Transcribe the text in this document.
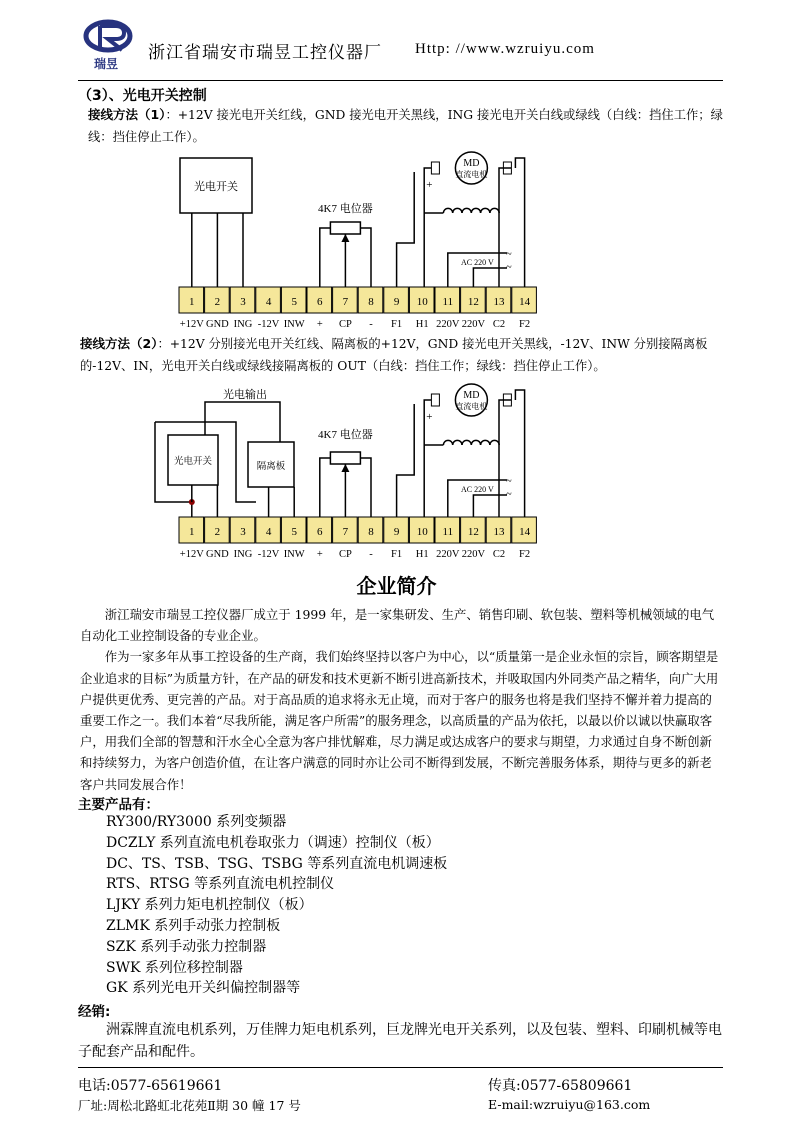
瑞昱
浙江省瑞安市瑞昱工控仪器厂 Http: //www.wzruiyu.com
（3）、光电开关控制
接线方法（1）：+12V 接光电开关红线，GND 接光电开关黑线，ING 接光电开关白线或绿线（白线：挡住工作；绿线：挡住停止工作）。
1 2 3 4 5 6 7 8 9 10 11 12 13 14
+12V GND ING -12V INW + CP - F1 H1 220V 220V C2 F2
光电开关
4K7 电位器
MD
直流电机
+
AC 220 V
~
~
接线方法（2）：+12V 分别接光电开关红线、隔离板的+12V，GND 接光电开关黑线，-12V、INW 分别接隔离板的-12V、IN，光电开关白线或绿线接隔离板的 OUT（白线：挡住工作；绿线：挡住停止工作）。
1 2 3 4 5 6 7 8 9 10 11 12 13 14
+12V GND ING -12V INW + CP - F1 H1 220V 220V C2 F2
光电开关	隔离板
光电输出
4K7 电位器
MD
直流电机
+
AC 220 V
~
~
企业简介

浙江瑞安市瑞昱工控仪器厂成立于 1999 年，是一家集研发、生产、销售印刷、软包装、塑料等机械领域的电气自动化工业控制设备的专业企业。

作为一家多年从事工控设备的生产商，我们始终坚持以客户为中心，以“质量第一是企业永恒的宗旨，顾客期望是企业追求的目标”为质量方针，在产品的研发和技术更新不断引进高新技术，并吸取国内外同类产品之精华，向广大用户提供更优秀、更完善的产品。对于高品质的追求将永无止境，而对于客户的服务也将是我们坚持不懈并着力提高的重要工作之一。我们本着“尽我所能，满足客户所需”的服务理念，以高质量的产品为依托，以最以价以诚以快赢取客户，用我们全部的智慧和汗水全心全意为客户排忧解难，尽力满足或达成客户的要求与期望，力求通过自身不断创新和持续努力，为客户创造价值，在让客户满意的同时亦让公司不断得到发展，不断完善服务体系，期待与更多的新老客户共同发展合作！

主要产品有：
RY300/RY3000 系列变频器
DCZLY 系列直流电机卷取张力（调速）控制仪（板）
DC、TS、TSB、TSG、TSBG 等系列直流电机调速板
RTS、RTSG 等系列直流电机控制仪
LJKY 系列力矩电机控制仪（板）
ZLMK 系列手动张力控制板
SZK 系列手动张力控制器
SWK 系列位移控制器
GK 系列光电开关纠偏控制器等
经销:
洲霖牌直流电机系列，万佳牌力矩电机系列，巨龙牌光电开关系列，以及包装、塑料、印刷机械等电子配套产品和配件。
电话:0577-65619661	传真:0577-65809661
厂址:周松北路虹北花苑Ⅱ期 30 幢 17 号	E-mail:wzruiyu@163.com
